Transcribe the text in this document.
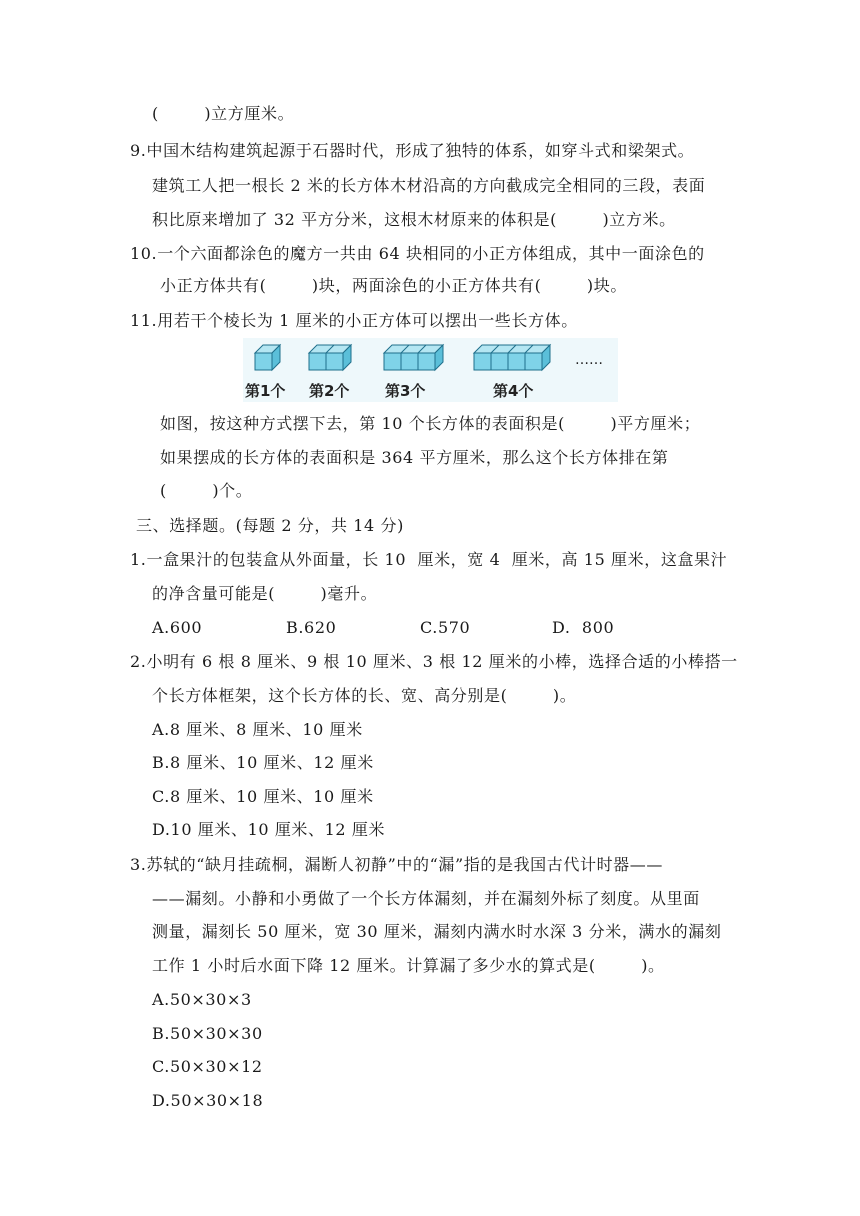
(        )立方厘米。
9.中国木结构建筑起源于石器时代，形成了独特的体系，如穿斗式和梁架式。
建筑工人把一根长 2 米的长方体木材沿高的方向截成完全相同的三段，表面
积比原来增加了 32 平方分米，这根木材原来的体积是(        )立方米。
10.一个六面都涂色的魔方一共由 64 块相同的小正方体组成，其中一面涂色的
小正方体共有(        )块，两面涂色的小正方体共有(        )块。
11.用若干个棱长为 1 厘米的小正方体可以摆出一些长方体。
第1个 第2个 第3个	第4个
……
如图，按这种方式摆下去，第 10 个长方体的表面积是(        )平方厘米；
如果摆成的长方体的表面积是 364 平方厘米，那么这个长方体排在第
(        )个。
三、选择题。(每题 2 分，共 14 分)
1.一盒果汁的包装盒从外面量，长 10  厘米，宽 4  厘米，高 15 厘米，这盒果汁
的净含量可能是(        )毫升。
A.600	B.620	C.570	D.  800
2.小明有 6 根 8 厘米、9 根 10 厘米、3 根 12 厘米的小棒，选择合适的小棒搭一
个长方体框架，这个长方体的长、宽、高分别是(        )。
A.8 厘米、8 厘米、10 厘米
B.8 厘米、10 厘米、12 厘米
C.8 厘米、10 厘米、10 厘米
D.10 厘米、10 厘米、12 厘米
3.苏轼的“缺月挂疏桐，漏断人初静”中的“漏”指的是我国古代计时器——
——漏刻。小静和小勇做了一个长方体漏刻，并在漏刻外标了刻度。从里面
测量，漏刻长 50 厘米，宽 30 厘米，漏刻内满水时水深 3 分米，满水的漏刻
工作 1 小时后水面下降 12 厘米。计算漏了多少水的算式是(        )。
A.50×30×3
B.50×30×30
C.50×30×12
D.50×30×18
